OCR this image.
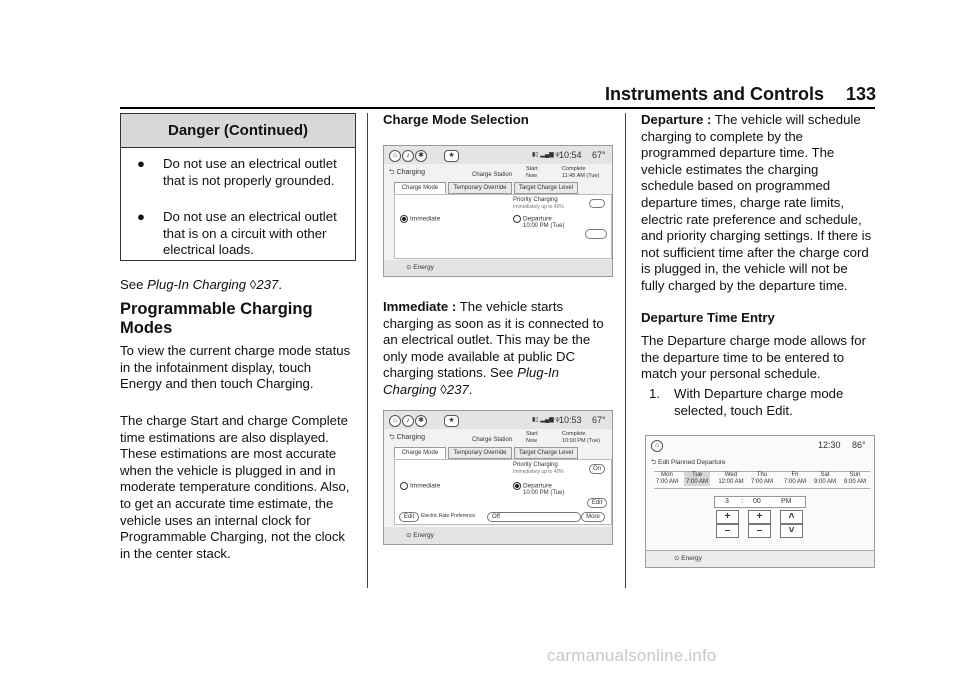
Instruments and Controls 133
Danger (Continued)
● Do not use an electrical outlet that is not properly grounded.
● Do not use an electrical outlet that is on a circuit with other electrical loads.
See Plug-In Charging ◊237.
Programmable Charging Modes
To view the current charge mode status in the infotainment display, touch Energy and then touch Charging.
The charge Start and charge Complete time estimations are also displayed. These estimations are most accurate when the vehicle is plugged in and in moderate temperature conditions. Also, to get an accurate time estimate, the vehicle uses an internal clock for Programmable Charging, not the clock in the center stack.
Charge Mode Selection
⌂	♪	✱	★	▮▯ ▂▄▆ ψ 10:54 67°
⮌ Charging	Charge Station
Start
Now
Complete
11:45 AM (Tue)
Charge Mode	Temporary Override	Target Charge Level
Priority Charging
Immediately up to 40%
Immediate	Departure
10:00 PM (Tue)
⊙ Energy
Immediate : The vehicle starts charging as soon as it is connected to an electrical outlet. This may be the only mode available at public DC charging stations. See Plug-In Charging ◊237.
⌂	♪	✱	★	▮▯ ▂▄▆ ψ 10:53 67°
⮌ Charging	Charge Station
Start
Now
Complete
10:00 PM (Tue)
Charge Mode	Temporary Override	Target Charge Level
Priority Charging
Immediately up to 40%	On
Immediate	Departure
10:00 PM (Tue)
Edit
Edit	Electric Rate Preference	Off	More
⊙ Energy
Departure : The vehicle will schedule charging to complete by the programmed departure time. The vehicle estimates the charging schedule based on programmed departure times, charge rate limits, electric rate preference and schedule, and priority charging settings. If there is not sufficient time after the charge cord is plugged in, the vehicle will not be fully charged by the departure time.
Departure Time Entry
The Departure charge mode allows for the departure time to be entered to match your personal schedule.
1. With Departure charge mode selected, touch Edit.
⌂	12:30 86°
⮌ Edit Planned Departure
Mon
7:00 AM
Tue
7:00 AM
Wed
12:00 AM
Thu
7:00 AM
Fri
7:00 AM
Sat
9:00 AM
Sun
9:00 AM
3 : 00	PM
+	+	˄
–	–	˅
⊙ Energy
carmanualsonline.info
